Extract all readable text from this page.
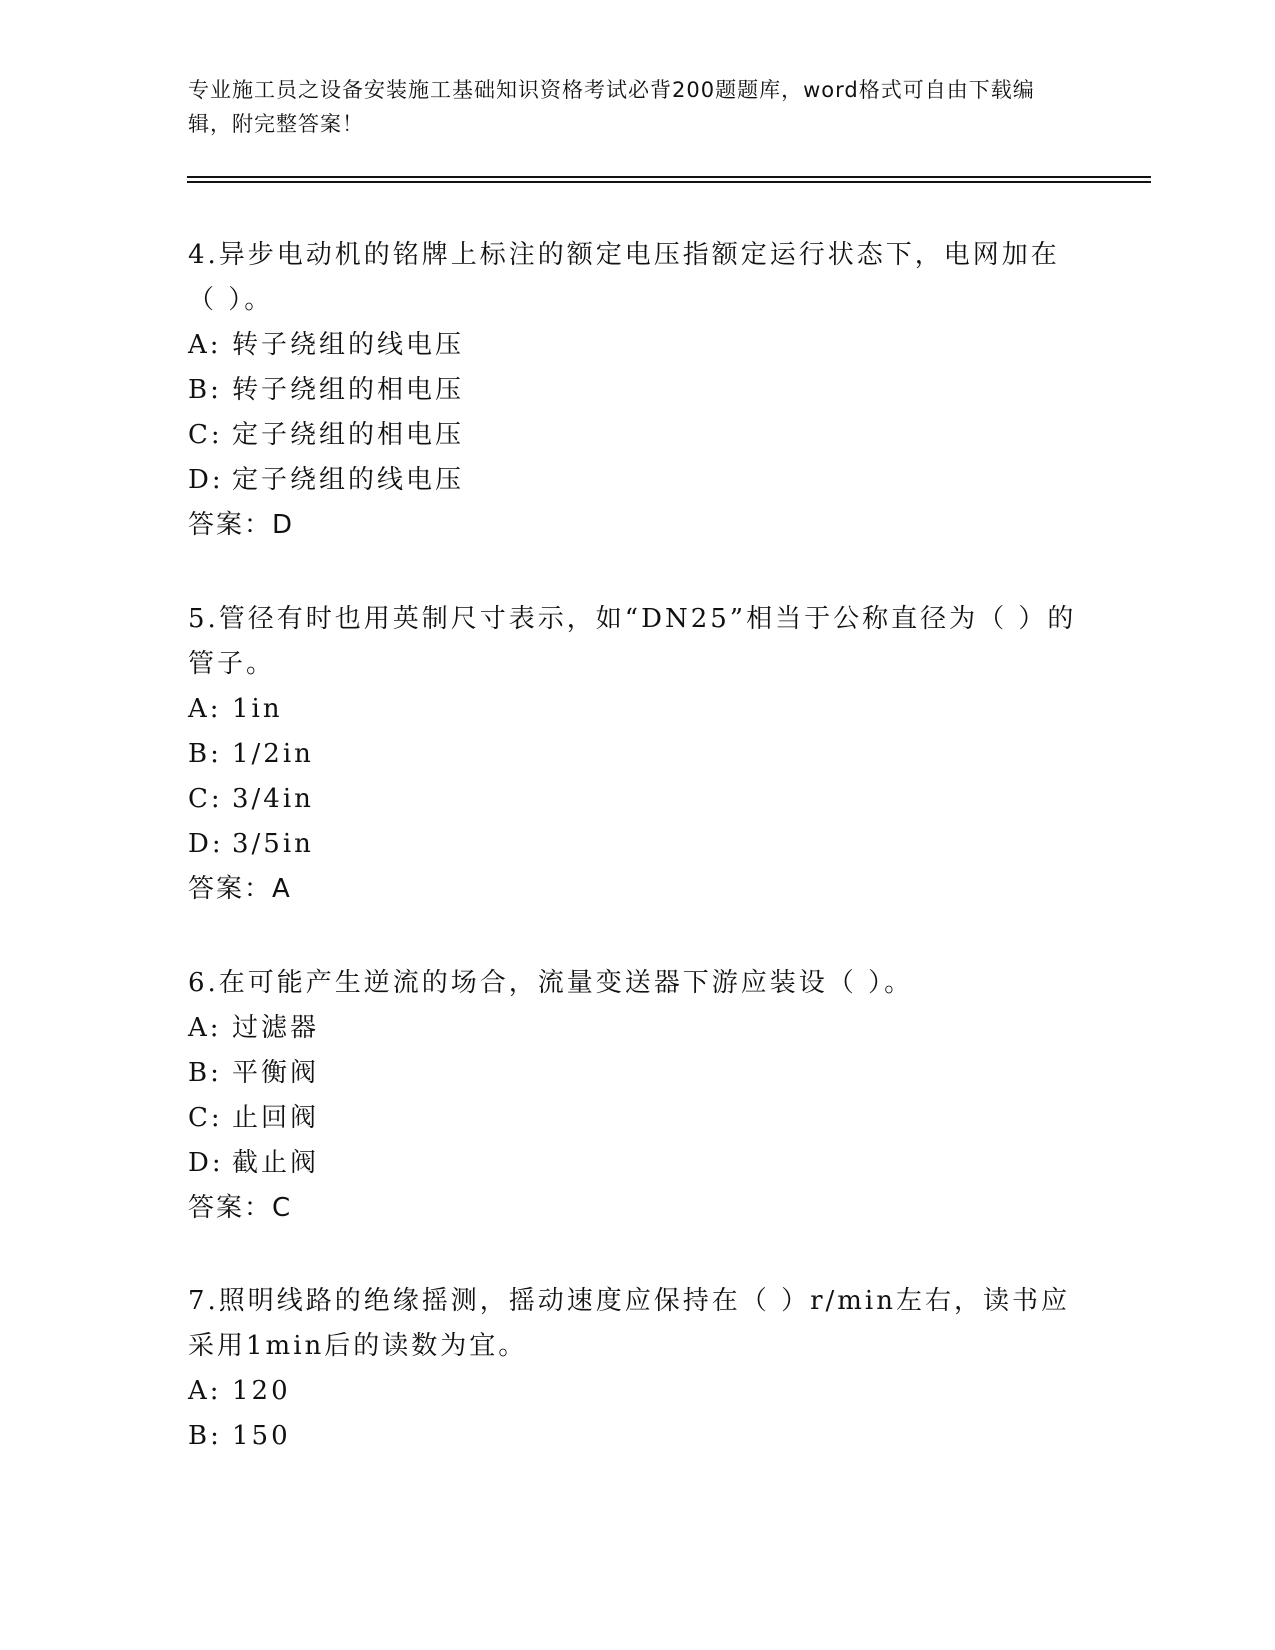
专业施工员之设备安装施工基础知识资格考试必背200题题库，word格式可自由下载编辑，附完整答案！

4.异步电动机的铭牌上标注的额定电压指额定运行状态下，电网加在（ ）。

A: 转子绕组的线电压
B: 转子绕组的相电压
C: 定子绕组的相电压
D: 定子绕组的线电压

答案：D

5.管径有时也用英制尺寸表示，如“DN25”相当于公称直径为（ ）的管子。

A: 1in
B: 1/2in
C: 3/4in
D: 3/5in

答案：A

6.在可能产生逆流的场合，流量变送器下游应装设（ ）。

A: 过滤器
B: 平衡阀
C: 止回阀
D: 截止阀

答案：C

7.照明线路的绝缘摇测，摇动速度应保持在（ ）r/min左右，读书应采用1min后的读数为宜。

A: 120
B: 150
